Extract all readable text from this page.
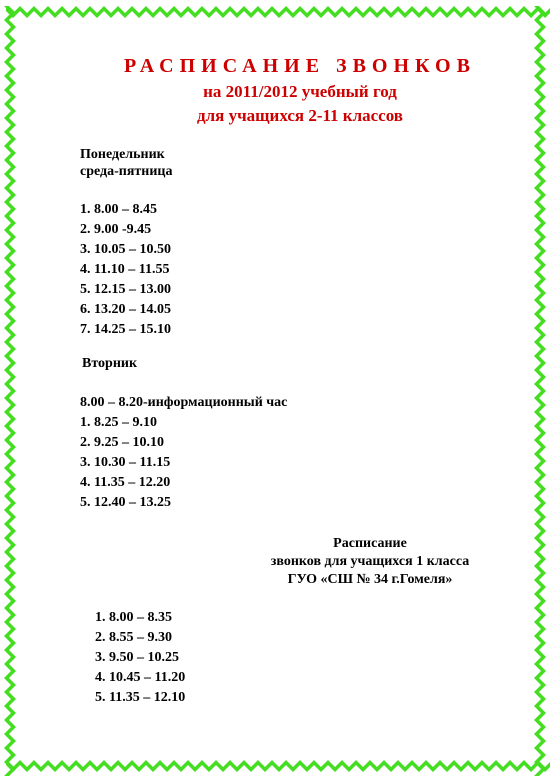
РАСПИСАНИЕ ЗВОНКОВ
на 2011/2012 учебный год
для учащихся 2-11 классов
Понедельник
среда-пятница
1. 8.00 – 8.45
2. 9.00 -9.45
3. 10.05 – 10.50
4. 11.10 – 11.55
5. 12.15 – 13.00
6. 13.20 – 14.05
7. 14.25 – 15.10
Вторник
8.00 – 8.20-информационный час
1. 8.25 – 9.10
2. 9.25 – 10.10
3. 10.30 – 11.15
4. 11.35 – 12.20
5. 12.40 – 13.25
Расписание
звонков для учащихся 1 класса
ГУО «СШ № 34 г.Гомеля»
1. 8.00 – 8.35
2. 8.55 – 9.30
3. 9.50 – 10.25
4. 10.45 – 11.20
5. 11.35 – 12.10
